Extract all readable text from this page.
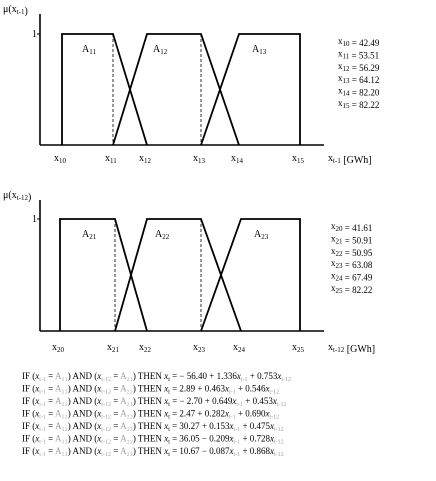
$\mu(x_{t-1})$
1
$A_{11}$	$A_{12}$	$A_{13}$
$x_{10}$	$x_{11}$ $x_{12}$	$x_{13}$	$x_{14}$	$x_{15}$ $x_{t-1}$ [GWh]
$x_{10} = 42.49$
$x_{11} = 53.51$
$x_{12} = 56.29$
$x_{13} = 64.12$
$x_{14} = 82.20$
$x_{15} = 82.22$
$\mu(x_{t-12})$
1
$A_{21}$	$A_{22}$	$A_{23}$
$x_{20}$	$x_{21}$ $x_{22}$	$x_{23}$	$x_{24}$	$x_{25}$ $x_{t-12}$ [GWh]
$x_{20} = 41.61$
$x_{21} = 50.91$
$x_{22} = 50.95$
$x_{23} = 63.08$
$x_{24} = 67.49$
$x_{25} = 82.22$
IF $(x_{t-1} = A_{11})$ AND $(x_{t-12} = A_{21})$ THEN $x_t$ = − $56.40 + 1.336x_{t-1} + 0.753x_{t-12}$
IF $(x_{t-1} = A_{11})$ AND $(x_{t-12} = A_{22})$ THEN $x_t = 2.89 + 0.463x_{t-1} + 0.546x_{t-12}$
IF $(x_{t-1} = A_{12})$ AND $(x_{t-12} = A_{21})$ THEN $x_t$ = − $2.70 + 0.649x_{t-1} + 0.453x_{t-12}$
IF $(x_{t-1} = A_{12})$ AND $(x_{t-12} = A_{22})$ THEN $x_t = 2.47 + 0.282x_{t-1} + 0.690x_{t-12}$
IF $(x_{t-1} = A_{12})$ AND $(x_{t-12} = A_{23})$ THEN $x_t = 30.27 + 0.153x_{t-1} + 0.475x_{t-12}$
IF $(x_{t-1} = A_{13})$ AND $(x_{t-12} = A_{22})$ THEN $x_t = 36.05 - 0.209x_{t-1} + 0.728x_{t-12}$
IF $(x_{t-1} = A_{13})$ AND $(x_{t-12} = A_{23})$ THEN $x_t = 10.67 - 0.087x_{t-1} + 0.868x_{t-12}$
